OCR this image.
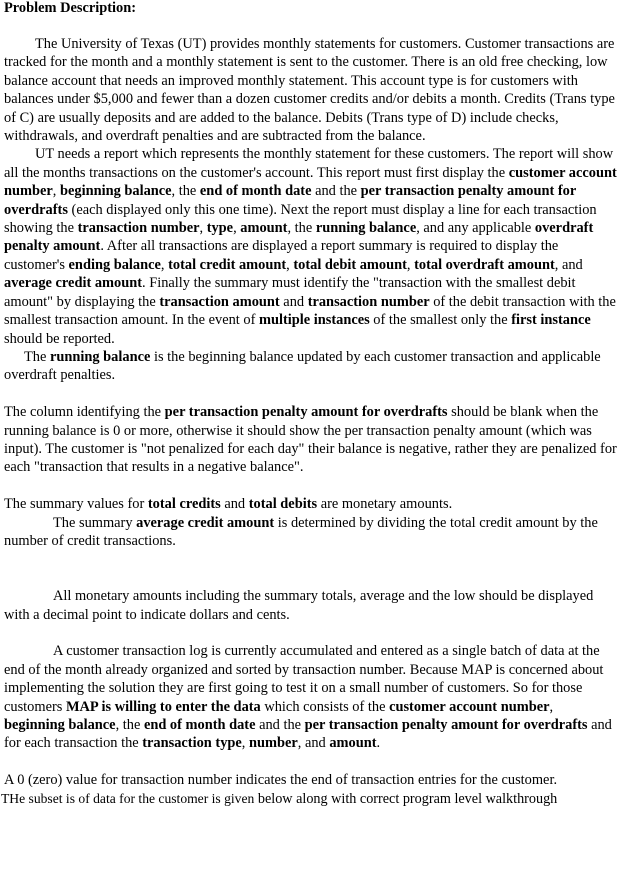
Problem Description:

The University of Texas (UT) provides monthly statements for customers. Customer transactions are tracked for the month and a monthly statement is sent to the customer. There is an old free checking, low balance account that needs an improved monthly statement. This account type is for customers with balances under $5,000 and fewer than a dozen customer credits and/or debits a month. Credits (Trans type of C) are usually deposits and are added to the balance. Debits (Trans type of D) include checks, withdrawals, and overdraft penalties and are subtracted from the balance.

UT needs a report which represents the monthly statement for these customers. The report will show all the months transactions on the customer's account. This report must first display the customer account number, beginning balance, the end of month date and the per transaction penalty amount for overdrafts (each displayed only this one time). Next the report must display a line for each transaction showing the transaction number, type, amount, the running balance, and any applicable overdraft penalty amount. After all transactions are displayed a report summary is required to display the customer's ending balance, total credit amount, total debit amount, total overdraft amount, and average credit amount. Finally the summary must identify the "transaction with the smallest debit amount" by displaying the transaction amount and transaction number of the debit transaction with the smallest transaction amount. In the event of multiple instances of the smallest only the first instance should be reported.

The running balance is the beginning balance updated by each customer transaction and applicable overdraft penalties.

The column identifying the per transaction penalty amount for overdrafts should be blank when the running balance is 0 or more, otherwise it should show the per transaction penalty amount (which was input). The customer is "not penalized for each day" their balance is negative, rather they are penalized for each "transaction that results in a negative balance".

The summary values for total credits and total debits are monetary amounts.

The summary average credit amount is determined by dividing the total credit amount by the number of credit transactions.

All monetary amounts including the summary totals, average and the low should be displayed with a decimal point to indicate dollars and cents.

A customer transaction log is currently accumulated and entered as a single batch of data at the end of the month already organized and sorted by transaction number. Because MAP is concerned about implementing the solution they are first going to test it on a small number of customers. So for those customers MAP is willing to enter the data which consists of the customer account number, beginning balance, the end of month date and the per transaction penalty amount for overdrafts and for each transaction the transaction type, number, and amount.

A 0 (zero) value for transaction number indicates the end of transaction entries for the customer.

THe subset is of data for the customer is given below along with correct program level walkthrough
